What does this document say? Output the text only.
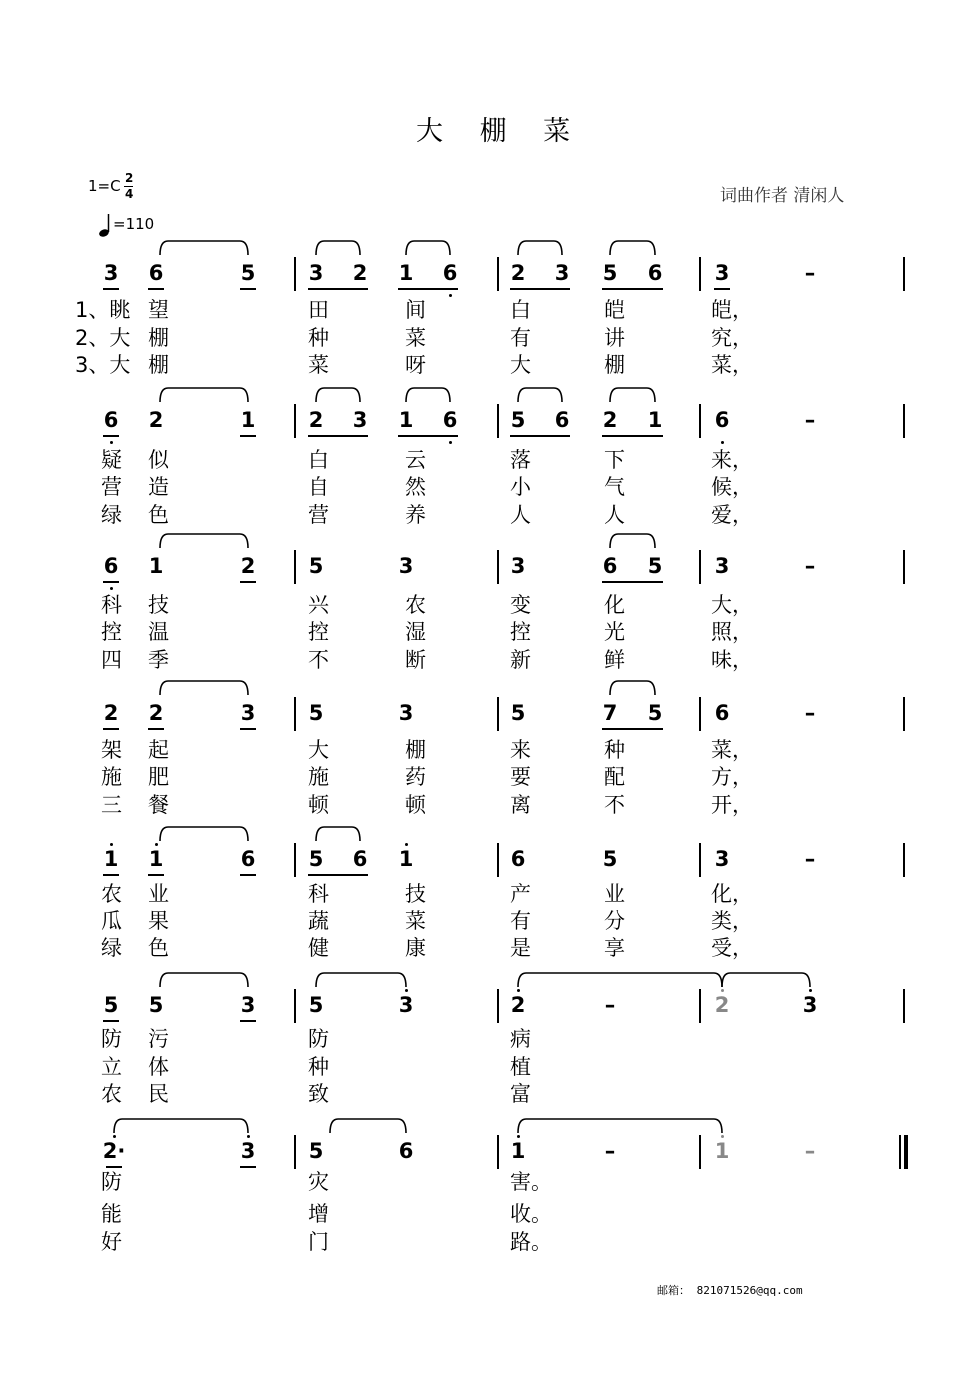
大 棚 菜
1=C 2
4
=110
词曲作者 清闲人
3 6	5	3 2 1 6	2 3 5 6 3	–
1、眺 望	田	间	白	皑	皑，
2、大 棚	种	菜	有	讲	究，
3、大 棚	菜	呀	大	棚	菜，
6 2	1	2 3 1 6	5 6 2 1 6	–
疑 似	白	云	落	下	来，
营 造	自	然	小	气	候，
绿 色	营	养	人	人	爱，
6 1	2	5	3	3	6 5 3	–
科 技	兴	农	变	化	大，
控 温	控	湿	控	光	照，
四 季	不	断	新	鲜	味，
2 2	3	5	3	5	7 5 6	–
架 起	大	棚	来	种	菜，
施 肥	施	药	要	配	方，
三 餐	顿	顿	离	不	开，
1 1	6	5 6 1	6	5	3	–
农 业	科	技	产	业	化，
瓜 果	蔬	菜	有	分	类，
绿 色	健	康	是	享	受，
5 5	3	5	3	2	–	2	3
防 污	防	病
立 体	种	植
农 民	致	富
2·	3	5	6	1	–	1	–
防	灾	害。
能	增	收。
好	门	路。
邮箱： 821071526@qq.com
